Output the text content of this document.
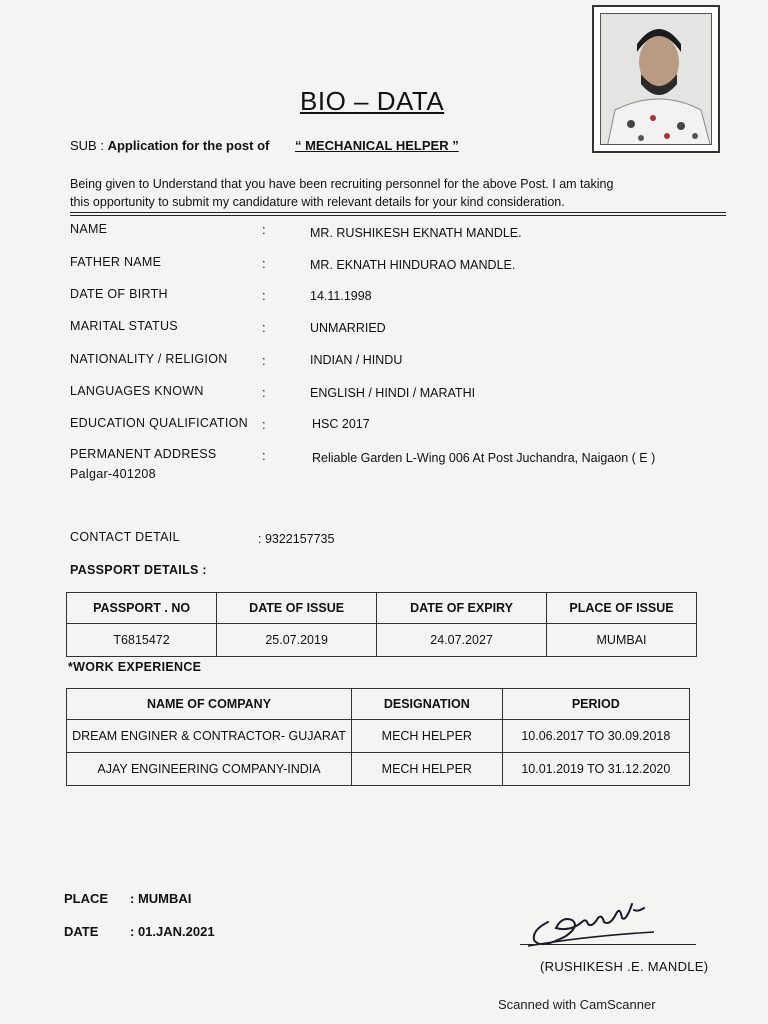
BIO – DATA
SUB : Application for the post of “ MECHANICAL HELPER ”
Being given to Understand that you have been recruiting personnel for the above Post. I am taking
this opportunity to submit my candidature with relevant details for your kind consideration.
NAME	:	MR. RUSHIKESH EKNATH MANDLE.
FATHER NAME	:	MR. EKNATH HINDURAO MANDLE.
DATE OF BIRTH	:	14.11.1998
MARITAL STATUS	:	UNMARRIED
NATIONALITY / RELIGION	:	INDIAN / HINDU
LANGUAGES KNOWN	:	ENGLISH / HINDI / MARATHI
EDUCATION QUALIFICATION :	HSC 2017
PERMANENT ADDRESS	:	Reliable Garden L-Wing 006 At Post Juchandra, Naigaon ( E )
Palgar-401208
CONTACT DETAIL	: 9322157735
PASSPORT DETAILS :
PASSPORT . NO	DATE OF ISSUE	DATE OF EXPIRY	PLACE OF ISSUE
T6815472	25.07.2019	24.07.2027	MUMBAI
*WORK EXPERIENCE
NAME OF COMPANY	DESIGNATION	PERIOD
DREAM ENGINER & CONTRACTOR- GUJARAT	MECH HELPER	10.06.2017 TO 30.09.2018
AJAY ENGINEERING COMPANY-INDIA	MECH HELPER	10.01.2019 TO 31.12.2020
PLACE : MUMBAI
DATE : 01.JAN.2021
(RUSHIKESH .E. MANDLE)
Scanned with CamScanner
